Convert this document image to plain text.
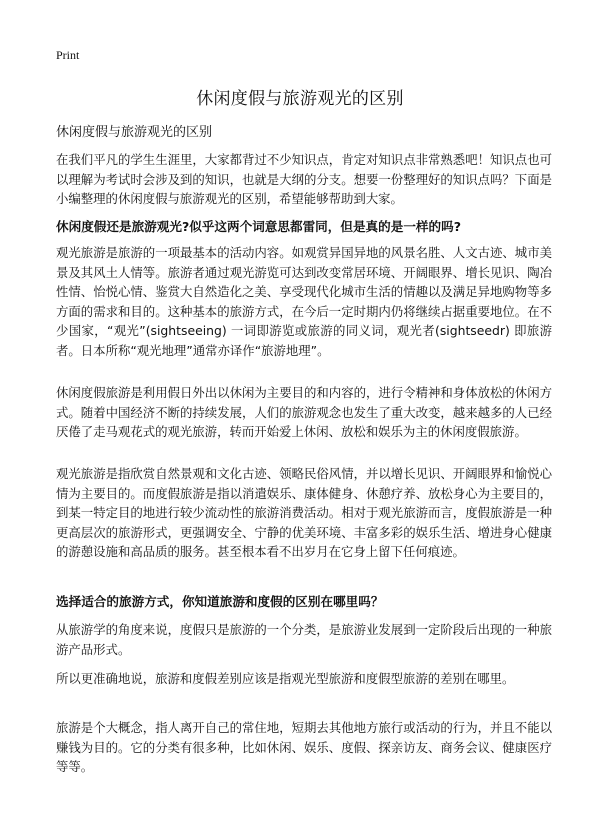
Print
休闲度假与旅游观光的区别
休闲度假与旅游观光的区别

在我们平凡的学生生涯里，大家都背过不少知识点，肯定对知识点非常熟悉吧！知识点也可以理解为考试时会涉及到的知识，也就是大纲的分支。想要一份整理好的知识点吗？下面是小编整理的休闲度假与旅游观光的区别，希望能够帮助到大家。

休闲度假还是旅游观光?似乎这两个词意思都雷同，但是真的是一样的吗?

观光旅游是旅游的一项最基本的活动内容。如观赏异国异地的风景名胜、人文古迹、城市美景及其风土人情等。旅游者通过观光游览可达到改变常居环境、开阔眼界、增长见识、陶冶性情、怡悦心情、鉴赏大自然造化之美、享受现代化城市生活的情趣以及满足异地购物等多方面的需求和目的。这种基本的旅游方式，在今后一定时期内仍将继续占据重要地位。在不少国家，“观光”(sightseeing) 一词即游览或旅游的同义词，观光者(sightseedr) 即旅游者。日本所称“观光地理”通常亦译作“旅游地理”。

休闲度假旅游是利用假日外出以休闲为主要目的和内容的，进行令精神和身体放松的休闲方式。随着中国经济不断的持续发展，人们的旅游观念也发生了重大改变，越来越多的人已经厌倦了走马观花式的观光旅游，转而开始爱上休闲、放松和娱乐为主的休闲度假旅游。

观光旅游是指欣赏自然景观和文化古迹、领略民俗风情，并以增长见识、开阔眼界和愉悦心情为主要目的。而度假旅游是指以消遣娱乐、康体健身、休憩疗养、放松身心为主要目的，到某一特定目的地进行较少流动性的旅游消费活动。相对于观光旅游而言，度假旅游是一种更高层次的旅游形式，更强调安全、宁静的优美环境、丰富多彩的娱乐生活、增进身心健康的游憩设施和高品质的服务。甚至根本看不出岁月在它身上留下任何痕迹。

选择适合的旅游方式，你知道旅游和度假的区别在哪里吗？

从旅游学的角度来说，度假只是旅游的一个分类，是旅游业发展到一定阶段后出现的一种旅游产品形式。

所以更准确地说，旅游和度假差别应该是指观光型旅游和度假型旅游的差别在哪里。

旅游是个大概念，指人离开自己的常住地，短期去其他地方旅行或活动的行为，并且不能以赚钱为目的。它的分类有很多种，比如休闲、娱乐、度假、探亲访友、商务会议、健康医疗等等。
